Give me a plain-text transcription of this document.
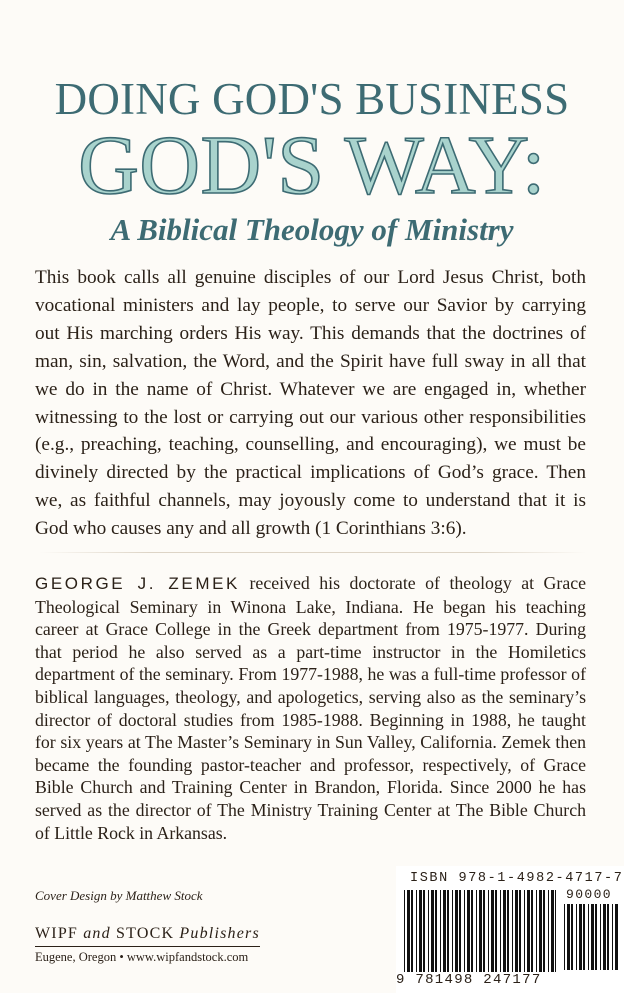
DOING GOD'S BUSINESS
GOD'S WAY:
A Biblical Theology of Ministry
This book calls all genuine disciples of our Lord Jesus Christ, both vocational ministers and lay people, to serve our Savior by carrying out His marching orders His way. This demands that the doctrines of man, sin, salvation, the Word, and the Spirit have full sway in all that we do in the name of Christ. Whatever we are engaged in, whether witnessing to the lost or carrying out our various other responsibilities (e.g., preaching, teaching, counselling, and encouraging), we must be divinely directed by the practical implications of God’s grace. Then we, as faithful channels, may joyously come to understand that it is God who causes any and all growth (1 Corinthians 3:6).
GEORGE J. ZEMEK received his doctorate of theology at Grace Theological Seminary in Winona Lake, Indiana. He began his teaching career at Grace College in the Greek department from 1975-1977. During that period he also served as a part-time instructor in the Homiletics department of the seminary. From 1977-1988, he was a full-time professor of biblical languages, theology, and apologetics, serving also as the seminary’s director of doctoral studies from 1985-1988. Beginning in 1988, he taught for six years at The Master’s Seminary in Sun Valley, California. Zemek then became the founding pastor-teacher and professor, respectively, of Grace Bible Church and Training Center in Brandon, Florida. Since 2000 he has served as the director of The Ministry Training Center at The Bible Church of Little Rock in Arkansas.
Cover Design by Matthew Stock
WIPF and STOCK Publishers
Eugene, Oregon • www.wipfandstock.com
ISBN 978-1-4982-4717-7
90000
9 781498 247177
